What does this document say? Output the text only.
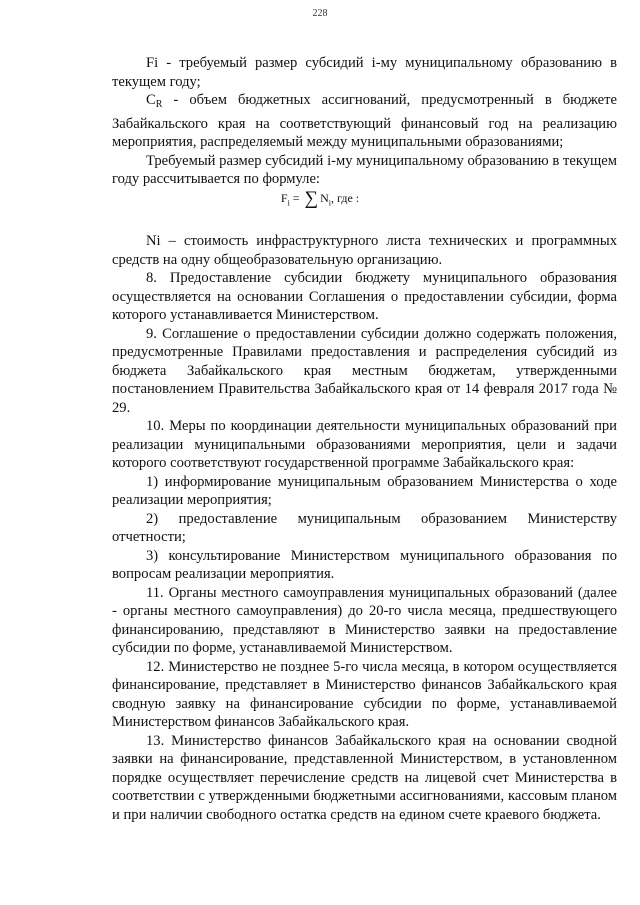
228

Fi - требуемый размер субсидий i-му муниципальному образованию в текущем году;

$C_R$ - объем бюджетных ассигнований, предусмотренный в бюджете Забайкальского края на соответствующий финансовый год на реализацию мероприятия, распределяемый между муниципальными образованиями;

Требуемый размер субсидий i-му муниципальному образованию в текущем году рассчитывается по формуле:

$F_i$ = ∑ $N_i$, где :

Ni – стоимость инфраструктурного листа технических и программных средств на одну общеобразовательную организацию.

8. Предоставление субсидии бюджету муниципального образования осуществляется на основании Соглашения о предоставлении субсидии, форма которого устанавливается Министерством.

9. Соглашение о предоставлении субсидии должно содержать положения, предусмотренные Правилами предоставления и распределения субсидий из бюджета Забайкальского края местным бюджетам, утвержденными постановлением Правительства Забайкальского края от 14 февраля 2017 года № 29.

10. Меры по координации деятельности муниципальных образований при реализации муниципальными образованиями мероприятия, цели и задачи которого соответствуют государственной программе Забайкальского края:

1) информирование муниципальным образованием Министерства о ходе реализации мероприятия;

2) предоставление муниципальным образованием Министерству отчетности;

3) консультирование Министерством муниципального образования по вопросам реализации мероприятия.

11. Органы местного самоуправления муниципальных образований (далее - органы местного самоуправления) до 20-го числа месяца, предшествующего финансированию, представляют в Министерство заявки на предоставление субсидии по форме, устанавливаемой Министерством.

12. Министерство не позднее 5-го числа месяца, в котором осуществляется финансирование, представляет в Министерство финансов Забайкальского края сводную заявку на финансирование субсидии по форме, устанавливаемой Министерством финансов Забайкальского края.

13. Министерство финансов Забайкальского края на основании сводной заявки на финансирование, представленной Министерством, в установленном порядке осуществляет перечисление средств на лицевой счет Министерства в соответствии с утвержденными бюджетными ассигнованиями, кассовым планом и при наличии свободного остатка средств на едином счете краевого бюджета.
